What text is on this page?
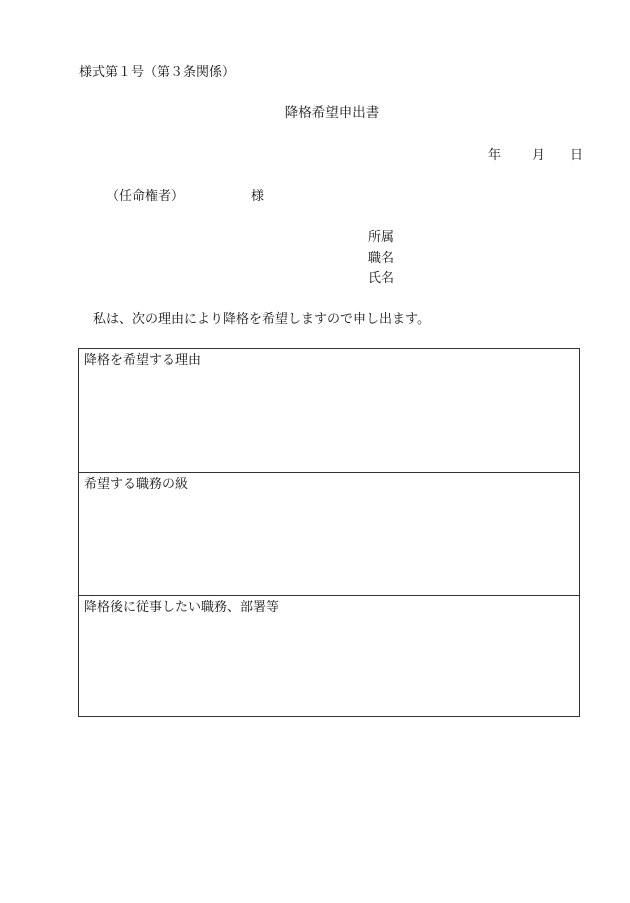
様式第１号（第３条関係）
降格希望申出書
年 月 日
（任命権者）	様
所属
職名
氏名
私は、次の理由により降格を希望しますので申し出ます。
降格を希望する理由
希望する職務の級
降格後に従事したい職務、部署等
